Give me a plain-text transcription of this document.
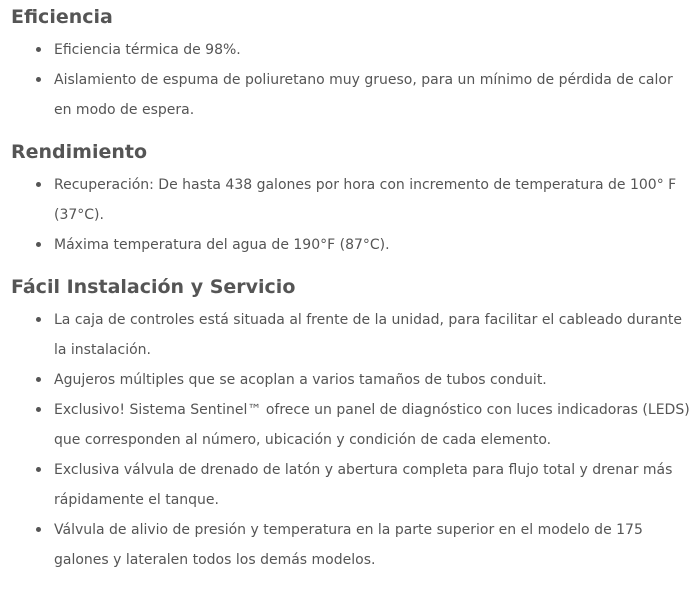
Eficiencia
Eficiencia térmica de 98%.
Aislamiento de espuma de poliuretano muy grueso, para un mínimo de pérdida de calor en modo de espera.
Rendimiento
Recuperación: De hasta 438 galones por hora con incremento de temperatura de 100° F (37°C).
Máxima temperatura del agua de 190°F (87°C).
Fácil Instalación y Servicio
La caja de controles está situada al frente de la unidad, para facilitar el cableado durante la instalación.
Agujeros múltiples que se acoplan a varios tamaños de tubos conduit.
Exclusivo! Sistema Sentinel™ ofrece un panel de diagnóstico con luces indicadoras (LEDS) que corresponden al número, ubicación y condición de cada elemento.
Exclusiva válvula de drenado de latón y abertura completa para flujo total y drenar más rápidamente el tanque.
Válvula de alivio de presión y temperatura en la parte superior en el modelo de 175 galones y lateralen todos los demás modelos.
